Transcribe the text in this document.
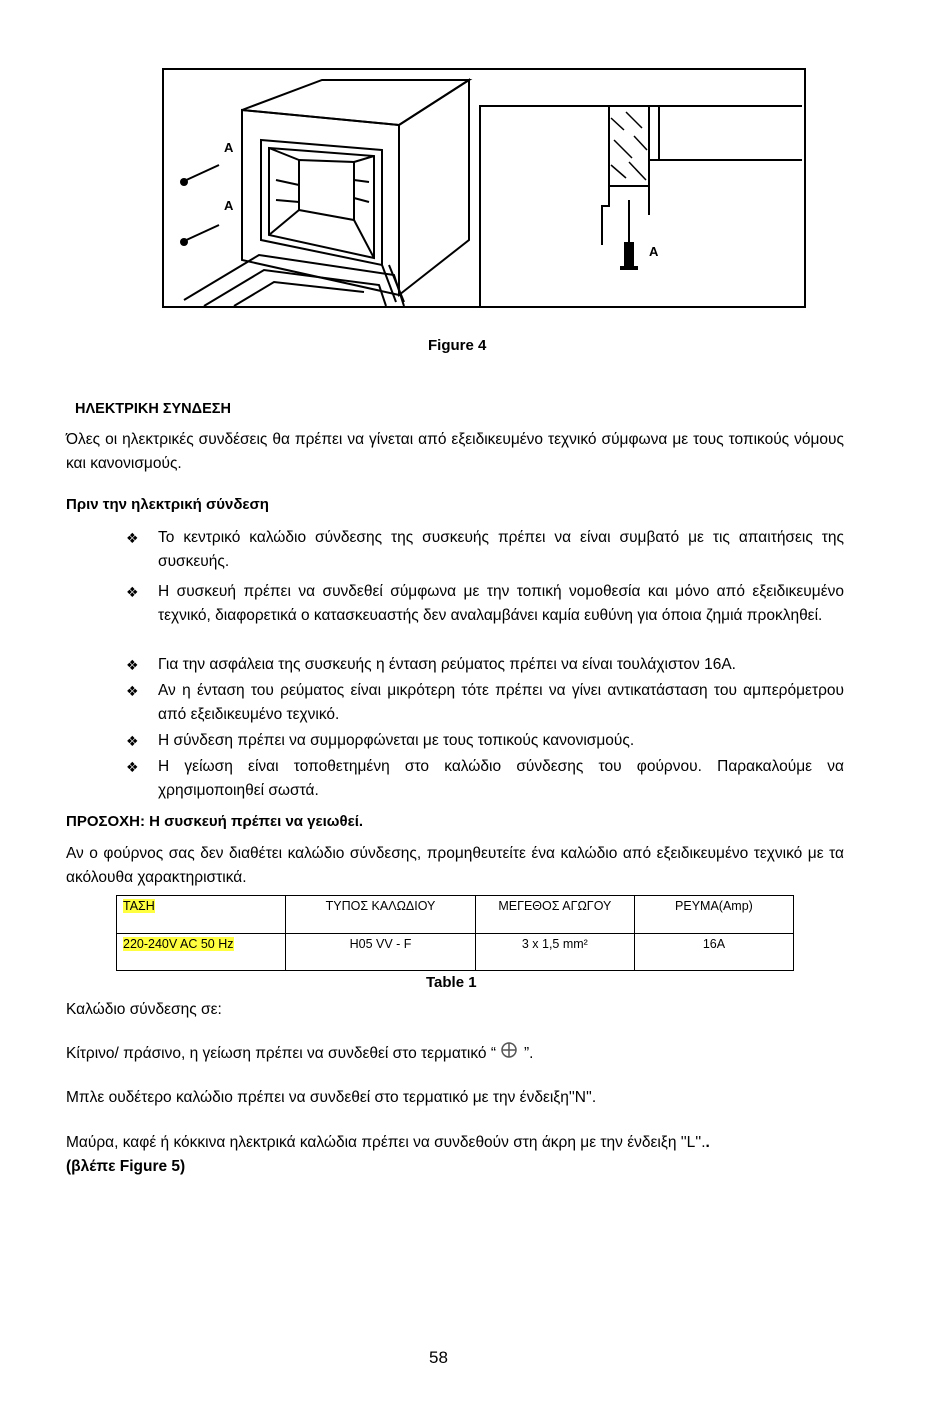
A
A
A
Figure 4
ΗΛΕΚΤΡΙΚΗ ΣΥΝΔΕΣΗ
Όλες οι ηλεκτρικές συνδέσεις θα πρέπει να γίνεται από εξειδικευμένο τεχνικό σύμφωνα με τους τοπικούς νόμους και κανονισμούς.
Πριν την ηλεκτρική σύνδεση
❖	Το κεντρικό καλώδιο σύνδεσης της συσκευής πρέπει να είναι συμβατό με τις απαιτήσεις της συσκευής.
❖	Η συσκευή πρέπει να συνδεθεί σύμφωνα με την τοπική νομοθεσία και μόνο από εξειδικευμένο τεχνικό, διαφορετικά ο κατασκευαστής δεν αναλαμβάνει καμία ευθύνη για όποια ζημιά προκληθεί.
❖	Για την ασφάλεια της συσκευής η ένταση ρεύματος πρέπει να είναι τουλάχιστον 16Α.
❖	Αν η ένταση του ρεύματος είναι μικρότερη τότε πρέπει να γίνει αντικατάσταση του αμπερόμετρου από εξειδικευμένο τεχνικό.
❖	Η σύνδεση πρέπει να συμμορφώνεται με τους τοπικούς κανονισμούς.
❖	Η γείωση είναι τοποθετημένη στο καλώδιο σύνδεσης του φούρνου. Παρακαλούμε να χρησιμοποιηθεί σωστά.
ΠΡΟΣΟΧΗ: Η συσκευή πρέπει να γειωθεί.
Αν ο φούρνος σας δεν διαθέτει καλώδιο σύνδεσης, προμηθευτείτε ένα καλώδιο από εξειδικευμένο τεχνικό με τα ακόλουθα χαρακτηριστικά.
ΤΑΣΗ	ΤΥΠΟΣ ΚΑΛΩΔΙΟΥ	ΜΕΓΕΘΟΣ ΑΓΩΓΟΥ	ΡΕΥΜΑ(Amp)
220-240V AC 50 Hz	H05 VV - F	3 x 1,5 mm²	16A
Table 1
Καλώδιο σύνδεσης σε:
Κίτρινο/ πράσινο, η γείωση πρέπει να συνδεθεί στο τερματικό “ ”.
Μπλε ουδέτερο καλώδιο πρέπει να συνδεθεί στο τερματικό με την ένδειξη''N''.
Μαύρα, καφέ ή κόκκινα ηλεκτρικά καλώδια πρέπει να συνδεθούν στη άκρη με την ένδειξη ''L''..
(βλέπε Figure 5)
58
